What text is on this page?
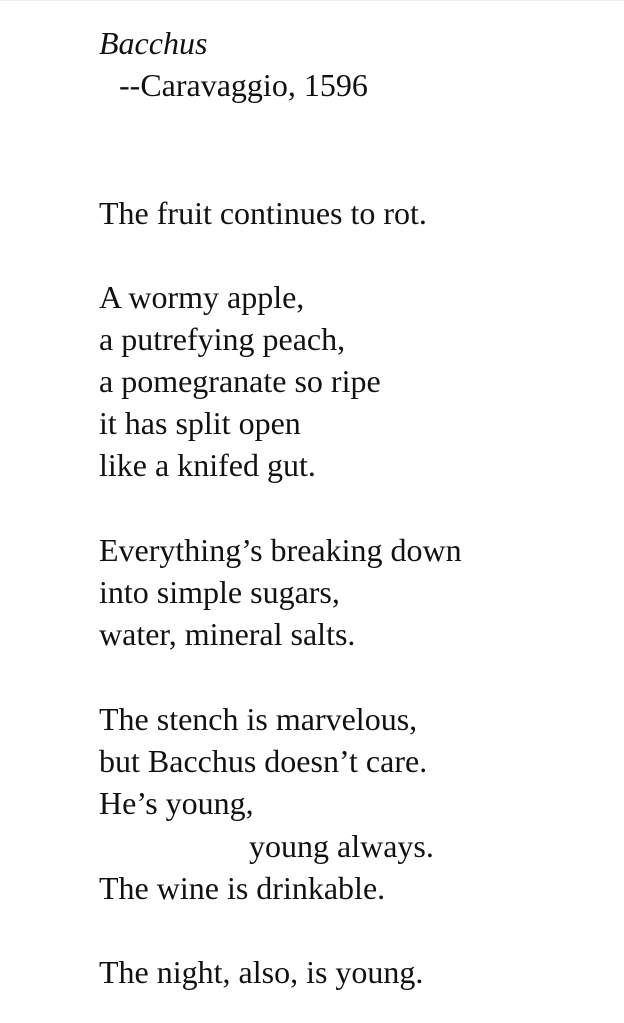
Bacchus
--Caravaggio, 1596
The fruit continues to rot.
A wormy apple,
a putrefying peach,
a pomegranate so ripe
it has split open
like a knifed gut.
Everything’s breaking down
into simple sugars,
water, mineral salts.
The stench is marvelous,
but Bacchus doesn’t care.
He’s young,
young always.
The wine is drinkable.
The night, also, is young.
